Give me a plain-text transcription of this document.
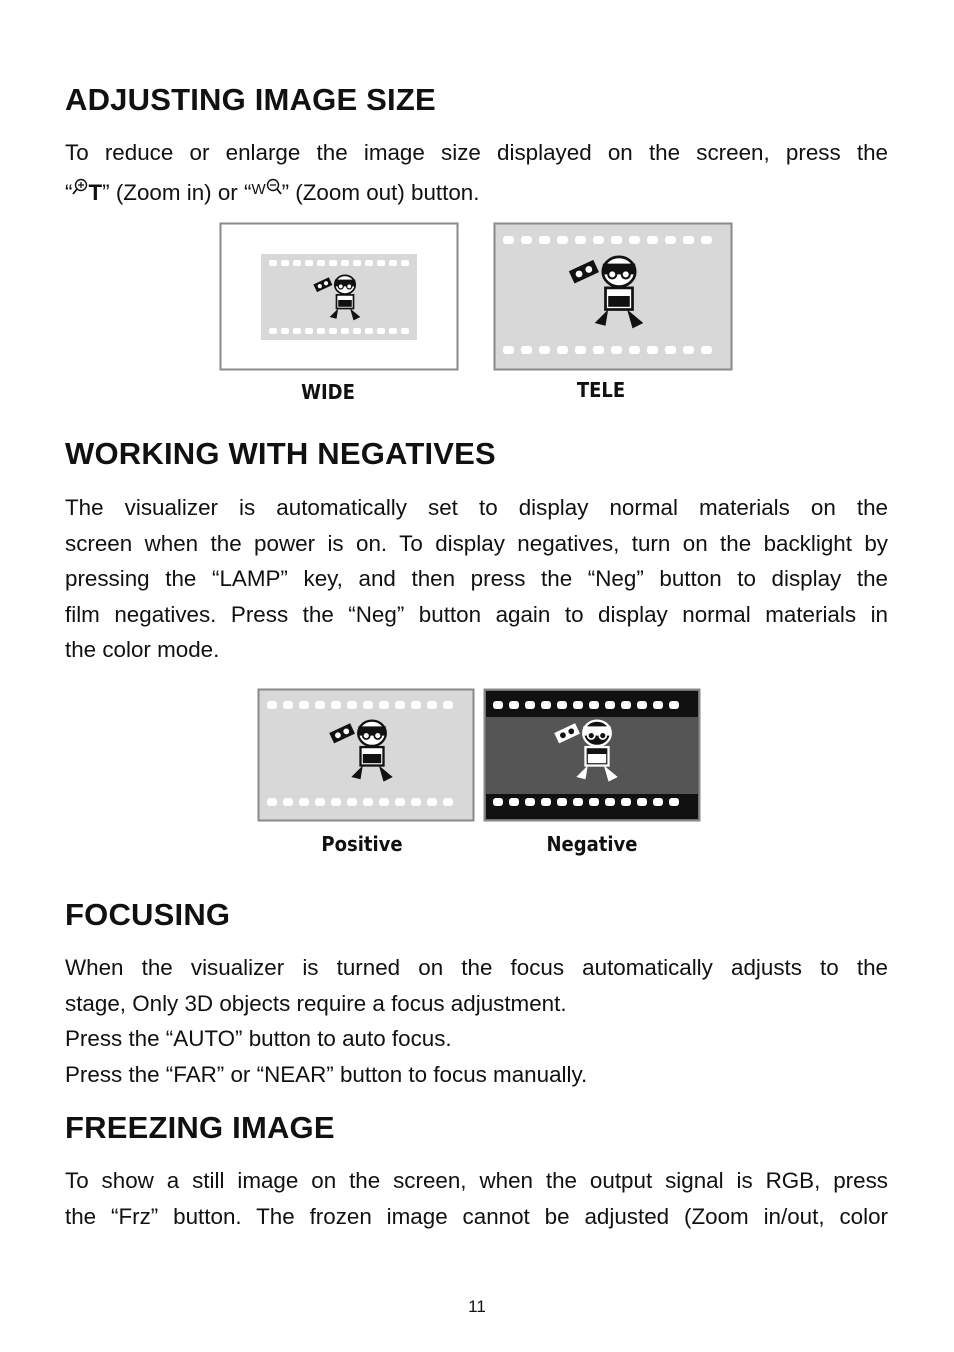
ADJUSTING IMAGE SIZE
To reduce or enlarge the image size displayed on the screen, press the
“ T” (Zoom in) or “$^W$ ” (Zoom out) button.
WIDE	TELE
WORKING WITH NEGATIVES
The visualizer is automatically set to display normal materials on the
screen when the power is on. To display negatives, turn on the backlight by
pressing the “LAMP” key, and then press the “Neg” button to display the
film negatives. Press the “Neg” button again to display normal materials in
the color mode.
Positive	Negative
FOCUSING
When the visualizer is turned on the focus automatically adjusts to the
stage, Only 3D objects require a focus adjustment.
Press the “AUTO” button to auto focus.
Press the “FAR” or “NEAR” button to focus manually.
FREEZING IMAGE
To show a still image on the screen, when the output signal is RGB, press
the “Frz” button. The frozen image cannot be adjusted (Zoom in/out, color
11
